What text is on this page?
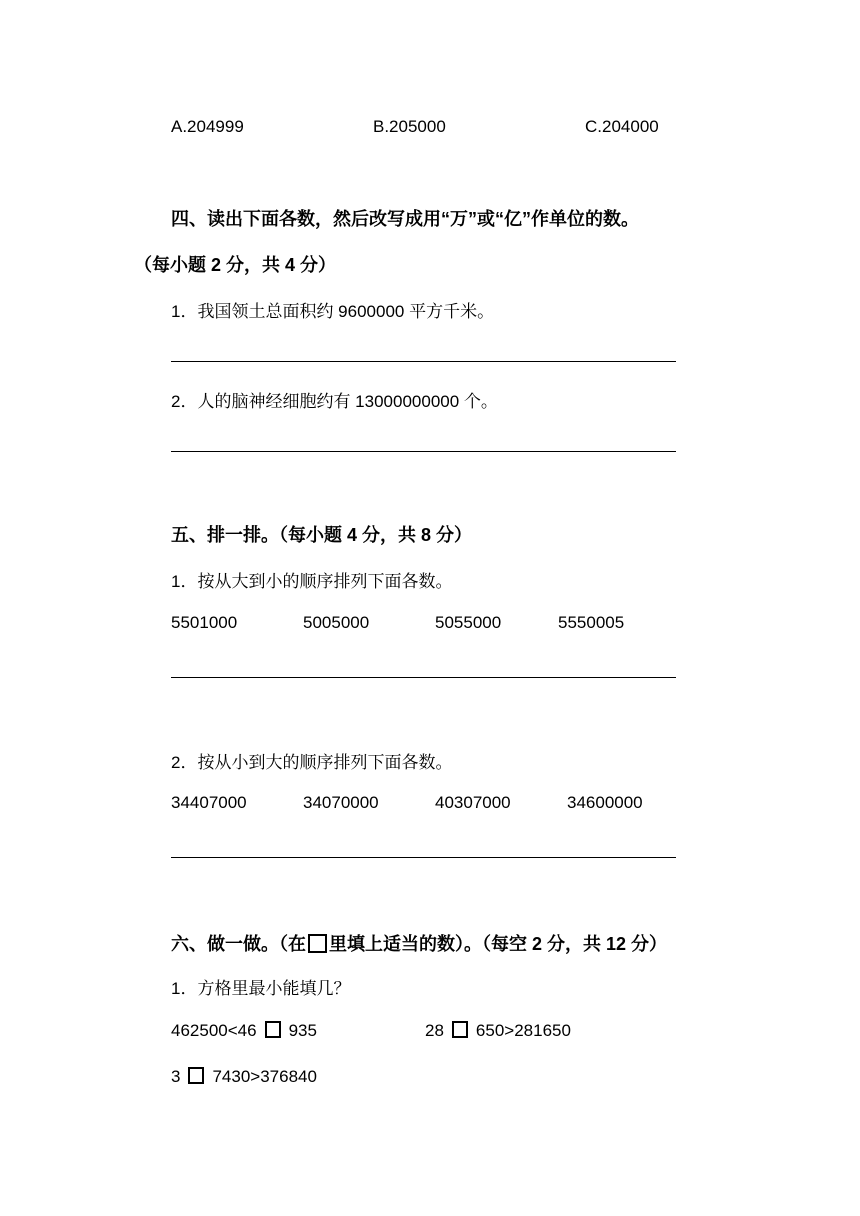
A.204999	B.205000	C.204000
四、读出下面各数，然后改写成用“万”或“亿”作单位的数。
（每小题 2 分，共 4 分）
1．我国领土总面积约 9600000 平方千米。
2．人的脑神经细胞约有 13000000000 个。
五、排一排。（每小题 4 分，共 8 分）
1．按从大到小的顺序排列下面各数。
5501000	5005000	5055000	5550005
2．按从小到大的顺序排列下面各数。
34407000	34070000	40307000	34600000
六、做一做。（在 里填上适当的数）。（每空 2 分，共 12 分）
1．方格里最小能填几？
462500<46 935	28 650>281650
3 7430>376840
